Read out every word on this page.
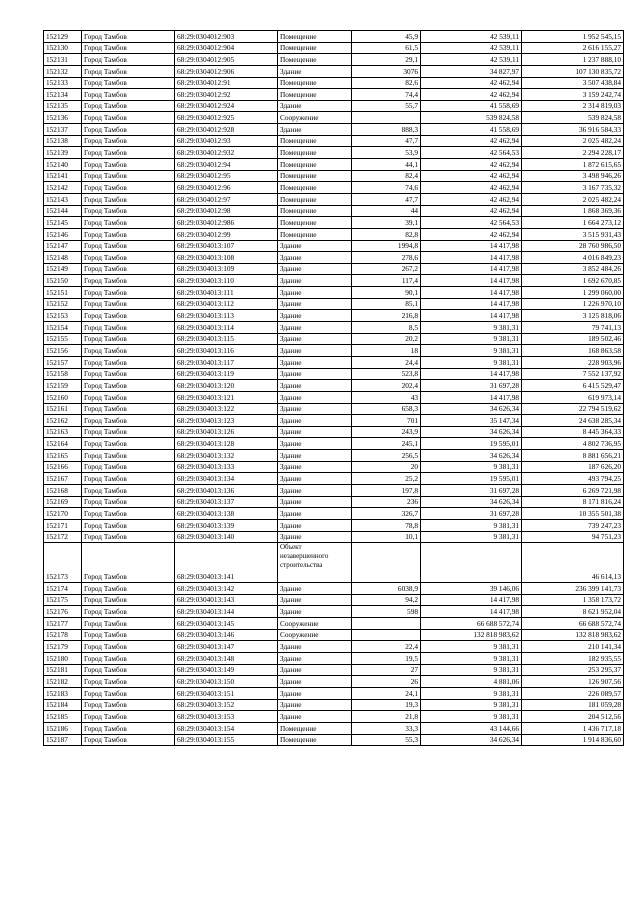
152129	Город Тамбов	68:29:0304012:903	Помещение	45,9	42 539,11	1 952 545,15
152130	Город Тамбов	68:29:0304012:904	Помещение	61,5	42 539,11	2 616 155,27
152131	Город Тамбов	68:29:0304012:905	Помещение	29,1	42 539,11	1 237 888,10
152132	Город Тамбов	68:29:0304012:906	Здание	3076	34 827,97	107 130 835,72
152133	Город Тамбов	68:29:0304012:91	Помещение	82,6	42 462,94	3 507 438,84
152134	Город Тамбов	68:29:0304012:92	Помещение	74,4	42 462,94	3 159 242,74
152135	Город Тамбов	68:29:0304012:924	Здание	55,7	41 558,69	2 314 819,03
152136	Город Тамбов	68:29:0304012:925	Сооружение		539 824,58	539 824,58
152137	Город Тамбов	68:29:0304012:928	Здание	888,3	41 558,69	36 916 584,33
152138	Город Тамбов	68:29:0304012:93	Помещение	47,7	42 462,94	2 025 482,24
152139	Город Тамбов	68:29:0304012:932	Помещение	53,9	42 564,53	2 294 228,17
152140	Город Тамбов	68:29:0304012:94	Помещение	44,1	42 462,94	1 872 615,65
152141	Город Тамбов	68:29:0304012:95	Помещение	82,4	42 462,94	3 498 946,26
152142	Город Тамбов	68:29:0304012:96	Помещение	74,6	42 462,94	3 167 735,32
152143	Город Тамбов	68:29:0304012:97	Помещение	47,7	42 462,94	2 025 482,24
152144	Город Тамбов	68:29:0304012:98	Помещение	44	42 462,94	1 868 369,36
152145	Город Тамбов	68:29:0304012:986	Помещение	39,1	42 564,53	1 664 273,12
152146	Город Тамбов	68:29:0304012:99	Помещение	82,8	42 462,94	3 515 931,43
152147	Город Тамбов	68:29:0304013:107	Здание	1994,8	14 417,98	28 760 986,50
152148	Город Тамбов	68:29:0304013:108	Здание	278,6	14 417,98	4 016 849,23
152149	Город Тамбов	68:29:0304013:109	Здание	267,2	14 417,98	3 852 484,26
152150	Город Тамбов	68:29:0304013:110	Здание	117,4	14 417,98	1 692 670,85
152151	Город Тамбов	68:29:0304013:111	Здание	90,1	14 417,98	1 299 060,00
152152	Город Тамбов	68:29:0304013:112	Здание	85,1	14 417,98	1 226 970,10
152153	Город Тамбов	68:29:0304013:113	Здание	216,8	14 417,98	3 125 818,06
152154	Город Тамбов	68:29:0304013:114	Здание	8,5	9 381,31	79 741,13
152155	Город Тамбов	68:29:0304013:115	Здание	20,2	9 381,31	189 502,46
152156	Город Тамбов	68:29:0304013:116	Здание	18	9 381,31	168 863,58
152157	Город Тамбов	68:29:0304013:117	Здание	24,4	9 381,31	228 903,96
152158	Город Тамбов	68:29:0304013:119	Здание	523,8	14 417,98	7 552 137,92
152159	Город Тамбов	68:29:0304013:120	Здание	202,4	31 697,28	6 415 529,47
152160	Город Тамбов	68:29:0304013:121	Здание	43	14 417,98	619 973,14
152161	Город Тамбов	68:29:0304013:122	Здание	658,3	34 626,34	22 794 519,62
152162	Город Тамбов	68:29:0304013:123	Здание	701	35 147,34	24 638 285,34
152163	Город Тамбов	68:29:0304013:126	Здание	243,9	34 626,34	8 445 364,33
152164	Город Тамбов	68:29:0304013:128	Здание	245,1	19 595,01	4 802 736,95
152165	Город Тамбов	68:29:0304013:132	Здание	256,5	34 626,34	8 881 656,21
152166	Город Тамбов	68:29:0304013:133	Здание	20	9 381,31	187 626,20
152167	Город Тамбов	68:29:0304013:134	Здание	25,2	19 595,01	493 794,25
152168	Город Тамбов	68:29:0304013:136	Здание	197,8	31 697,28	6 269 721,98
152169	Город Тамбов	68:29:0304013:137	Здание	236	34 626,34	8 171 816,24
152170	Город Тамбов	68:29:0304013:138	Здание	326,7	31 697,28	10 355 501,38
152171	Город Тамбов	68:29:0304013:139	Здание	78,8	9 381,31	739 247,23
152172	Город Тамбов	68:29:0304013:140	Здание	10,1	9 381,31	94 751,23
152173	Город Тамбов	68:29:0304013:141	Объект незавершенного строительства			46 614,13
152174	Город Тамбов	68:29:0304013:142	Здание	6038,9	39 146,06	236 399 141,73
152175	Город Тамбов	68:29:0304013:143	Здание	94,2	14 417,98	1 358 173,72
152176	Город Тамбов	68:29:0304013:144	Здание	598	14 417,98	8 621 952,04
152177	Город Тамбов	68:29:0304013:145	Сооружение		66 688 572,74	66 688 572,74
152178	Город Тамбов	68:29:0304013:146	Сооружение		132 818 983,62	132 818 983,62
152179	Город Тамбов	68:29:0304013:147	Здание	22,4	9 381,31	210 141,34
152180	Город Тамбов	68:29:0304013:148	Здание	19,5	9 381,31	182 935,55
152181	Город Тамбов	68:29:0304013:149	Здание	27	9 381,31	253 295,37
152182	Город Тамбов	68:29:0304013:150	Здание	26	4 881,06	126 907,56
152183	Город Тамбов	68:29:0304013:151	Здание	24,1	9 381,31	226 089,57
152184	Город Тамбов	68:29:0304013:152	Здание	19,3	9 381,31	181 059,28
152185	Город Тамбов	68:29:0304013:153	Здание	21,8	9 381,31	204 512,56
152186	Город Тамбов	68:29:0304013:154	Помещение	33,3	43 144,66	1 436 717,18
152187	Город Тамбов	68:29:0304013:155	Помещение	55,3	34 626,34	1 914 836,60
